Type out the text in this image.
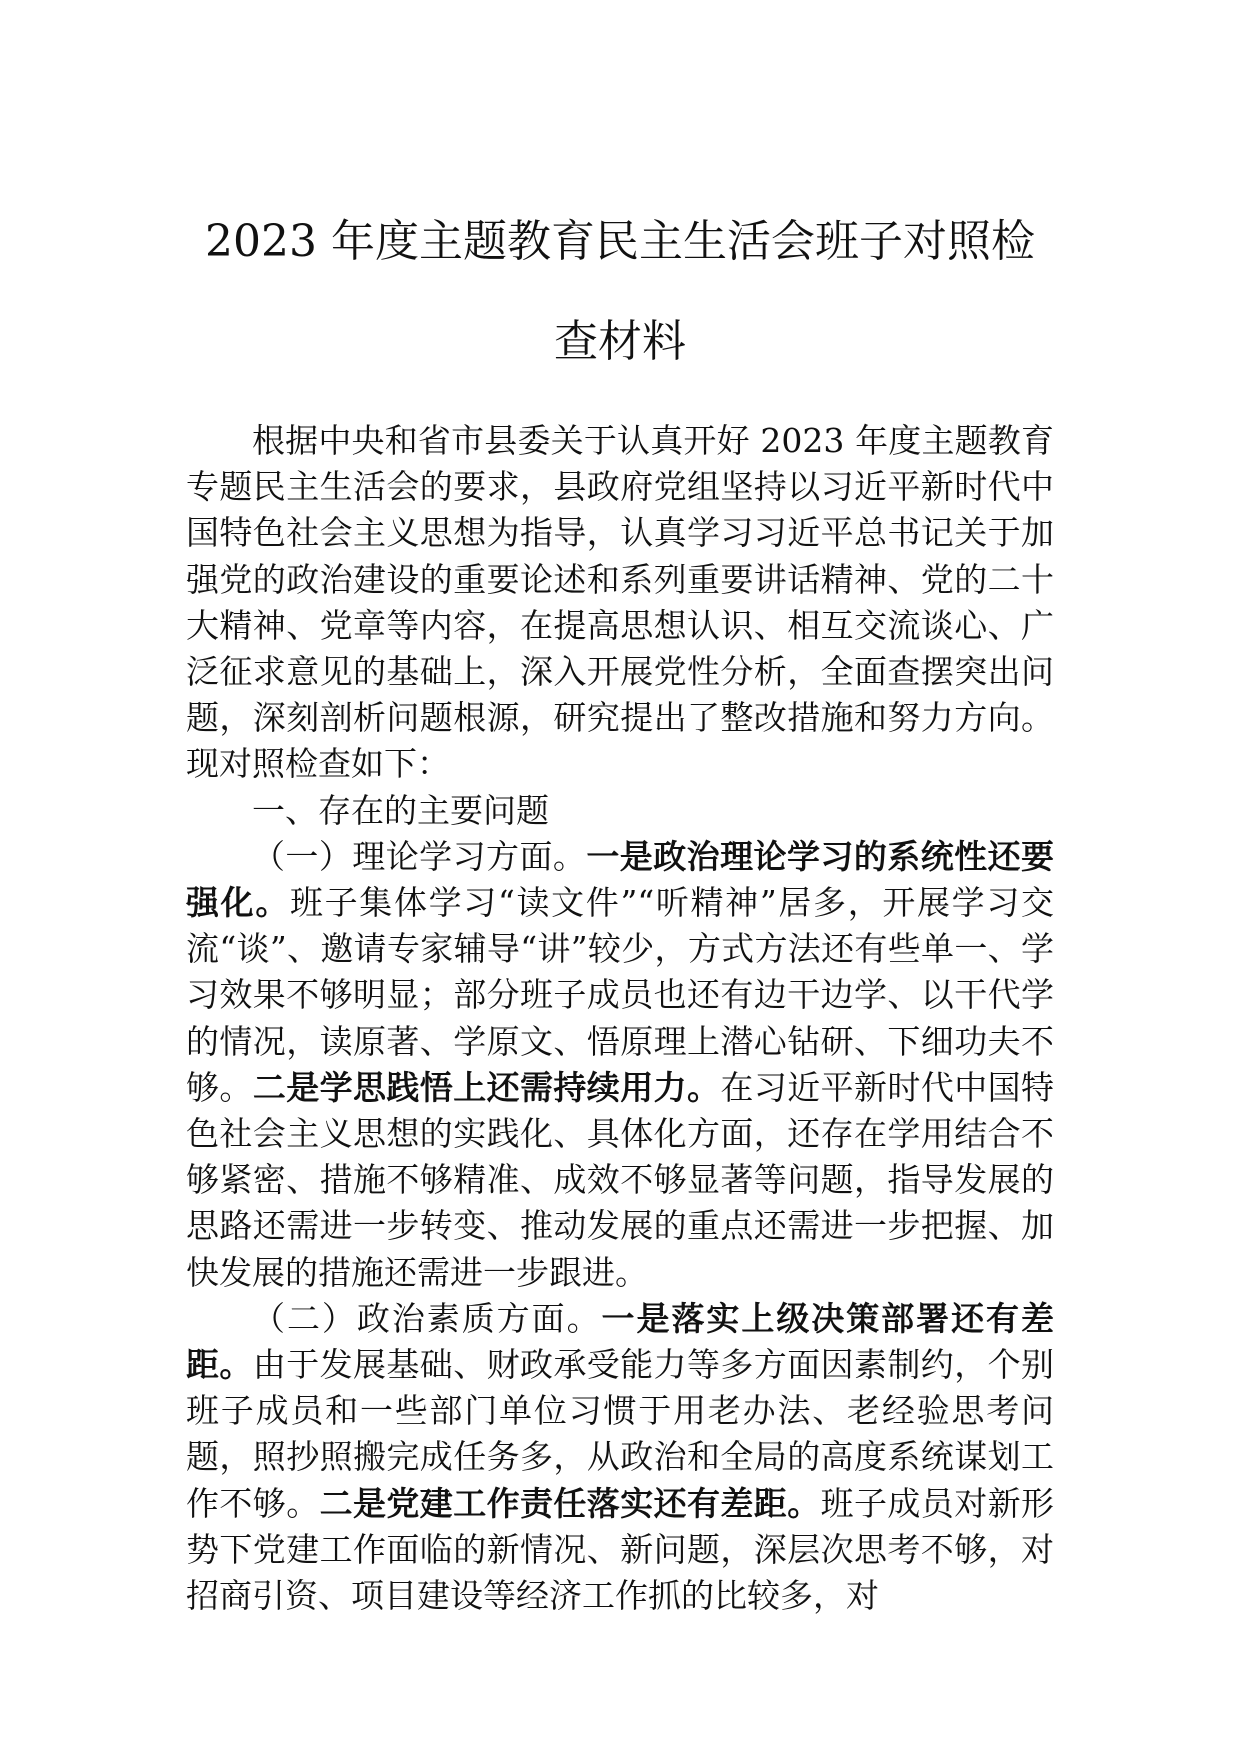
2023 年度主题教育民主生活会班子对照检
查材料

根据中央和省市县委关于认真开好 2023 年度主题教育专题民主生活会的要求，县政府党组坚持以习近平新时代中国特色社会主义思想为指导，认真学习习近平总书记关于加强党的政治建设的重要论述和系列重要讲话精神、党的二十大精神、党章等内容，在提高思想认识、相互交流谈心、广泛征求意见的基础上，深入开展党性分析，全面查摆突出问题，深刻剖析问题根源，研究提出了整改措施和努力方向。现对照检查如下：

一、存在的主要问题

（一）理论学习方面。一是政治理论学习的系统性还要强化。班子集体学习“读文件”“听精神”居多，开展学习交流“谈”、邀请专家辅导“讲”较少，方式方法还有些单一、学习效果不够明显；部分班子成员也还有边干边学、以干代学的情况，读原著、学原文、悟原理上潜心钻研、下细功夫不够。二是学思践悟上还需持续用力。在习近平新时代中国特色社会主义思想的实践化、具体化方面，还存在学用结合不够紧密、措施不够精准、成效不够显著等问题，指导发展的思路还需进一步转变、推动发展的重点还需进一步把握、加快发展的措施还需进一步跟进。

（二）政治素质方面。一是落实上级决策部署还有差距。由于发展基础、财政承受能力等多方面因素制约，个别班子成员和一些部门单位习惯于用老办法、老经验思考问题，照抄照搬完成任务多，从政治和全局的高度系统谋划工作不够。二是党建工作责任落实还有差距。班子成员对新形势下党建工作面临的新情况、新问题，深层次思考不够，对招商引资、项目建设等经济工作抓的比较多，对
